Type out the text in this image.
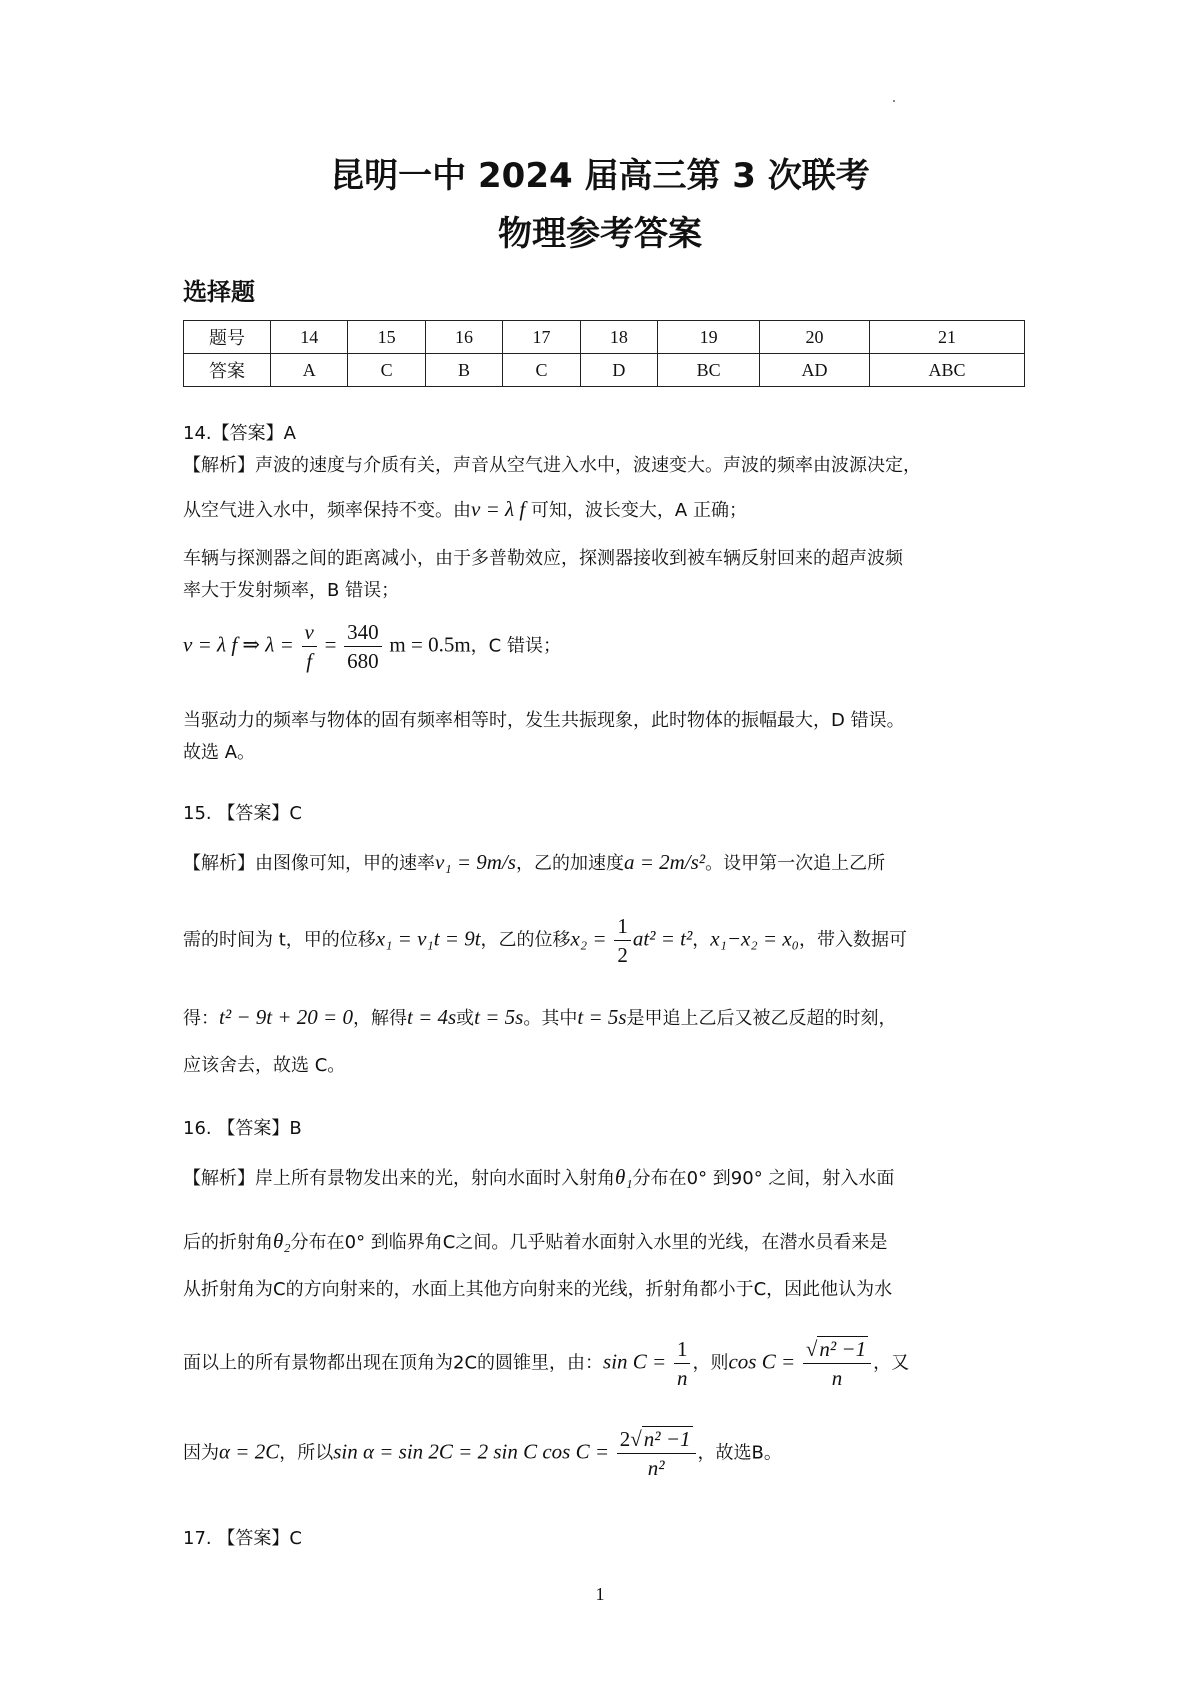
昆明一中 2024 届高三第 3 次联考
物理参考答案
选择题
题号	14	15	16	17	18	19	20	21
答案	A	C	B	C	D	BC	AD	ABC
14.【答案】A
【解析】声波的速度与介质有关，声音从空气进入水中，波速变大。声波的频率由波源决定，
从空气进入水中，频率保持不变。由v = λ f 可知，波长变大，A 正确；
车辆与探测器之间的距离减小，由于多普勒效应，探测器接收到被车辆反射回来的超声波频
率大于发射频率，B 错误；
v = λ f ⇒ $\lambda = \frac{v}{f} = \frac{340}{680}$ m = 0.5m，C 错误；
当驱动力的频率与物体的固有频率相等时，发生共振现象，此时物体的振幅最大，D 错误。
故选 A。
15. 【答案】C
【解析】由图像可知，甲的速率v₁ = 9m/s，乙的加速度a = 2m/s²。设甲第一次追上乙所
需的时间为 t，甲的位移x₁ = v₁t = 9t，乙的位移$x_2 = \frac{1}{2} at^2 = t^2$，x₁−x₂ = x₀，带入数据可
得：t² − 9t + 20 = 0，解得t = 4s或t = 5s。其中t = 5s是甲追上乙后又被乙反超的时刻，
应该舍去，故选 C。
16. 【答案】B
【解析】岸上所有景物发出来的光，射向水面时入射角θ₁分布在0° 到90° 之间，射入水面
后的折射角θ₂分布在0° 到临界角C之间。几乎贴着水面射入水里的光线，在潜水员看来是
从折射角为C的方向射来的，水面上其他方向射来的光线，折射角都小于C，因此他认为水
面以上的所有景物都出现在顶角为2C的圆锥里，由：$\sin C = \frac{1}{n}$ ，则$\cos C = \frac{\text{√n² −1}}{n}$ ，又
因为α = 2C，所以sin α = sin 2C = 2 sin C $\cos C = \frac{\text{2√n² −1}}{\text{n²}}$ ，故选B。
17. 【答案】C
1
